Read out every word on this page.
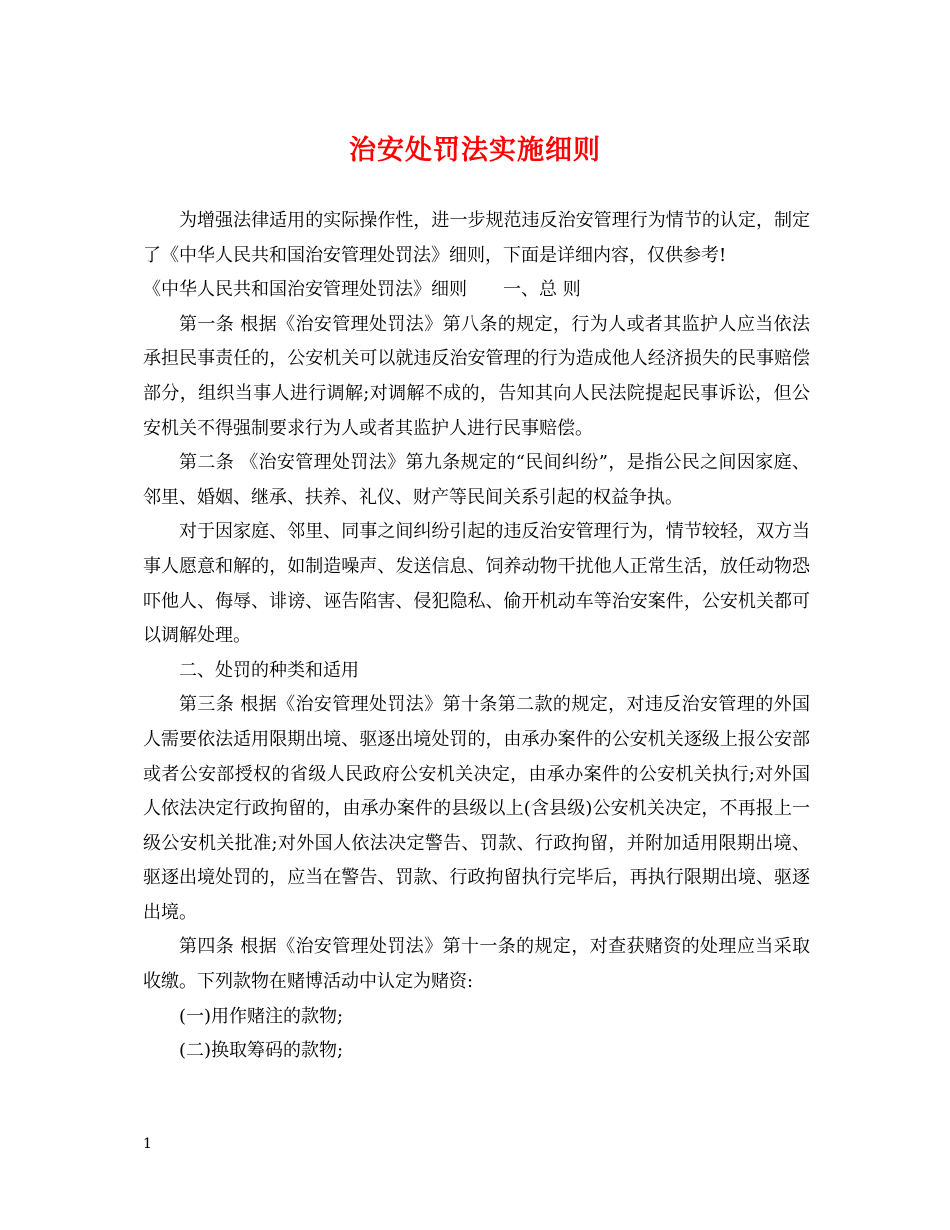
治安处罚法实施细则

为增强法律适用的实际操作性，进一步规范违反治安管理行为情节的认定，制定了《中华人民共和国治安管理处罚法》细则，下面是详细内容，仅供参考!

《中华人民共和国治安管理处罚法》细则　　一、总 则

第一条 根据《治安管理处罚法》第八条的规定，行为人或者其监护人应当依法承担民事责任的，公安机关可以就违反治安管理的行为造成他人经济损失的民事赔偿部分，组织当事人进行调解;对调解不成的，告知其向人民法院提起民事诉讼，但公安机关不得强制要求行为人或者其监护人进行民事赔偿。

第二条 《治安管理处罚法》第九条规定的“民间纠纷”，是指公民之间因家庭、邻里、婚姻、继承、扶养、礼仪、财产等民间关系引起的权益争执。

对于因家庭、邻里、同事之间纠纷引起的违反治安管理行为，情节较轻，双方当事人愿意和解的，如制造噪声、发送信息、饲养动物干扰他人正常生活，放任动物恐吓他人、侮辱、诽谤、诬告陷害、侵犯隐私、偷开机动车等治安案件，公安机关都可以调解处理。

二、处罚的种类和适用

第三条 根据《治安管理处罚法》第十条第二款的规定，对违反治安管理的外国人需要依法适用限期出境、驱逐出境处罚的，由承办案件的公安机关逐级上报公安部或者公安部授权的省级人民政府公安机关决定，由承办案件的公安机关执行;对外国人依法决定行政拘留的，由承办案件的县级以上(含县级)公安机关决定，不再报上一级公安机关批准;对外国人依法决定警告、罚款、行政拘留，并附加适用限期出境、驱逐出境处罚的，应当在警告、罚款、行政拘留执行完毕后，再执行限期出境、驱逐出境。

第四条 根据《治安管理处罚法》第十一条的规定，对查获赌资的处理应当采取收缴。下列款物在赌博活动中认定为赌资:

(一)用作赌注的款物;

(二)换取筹码的款物;

1
